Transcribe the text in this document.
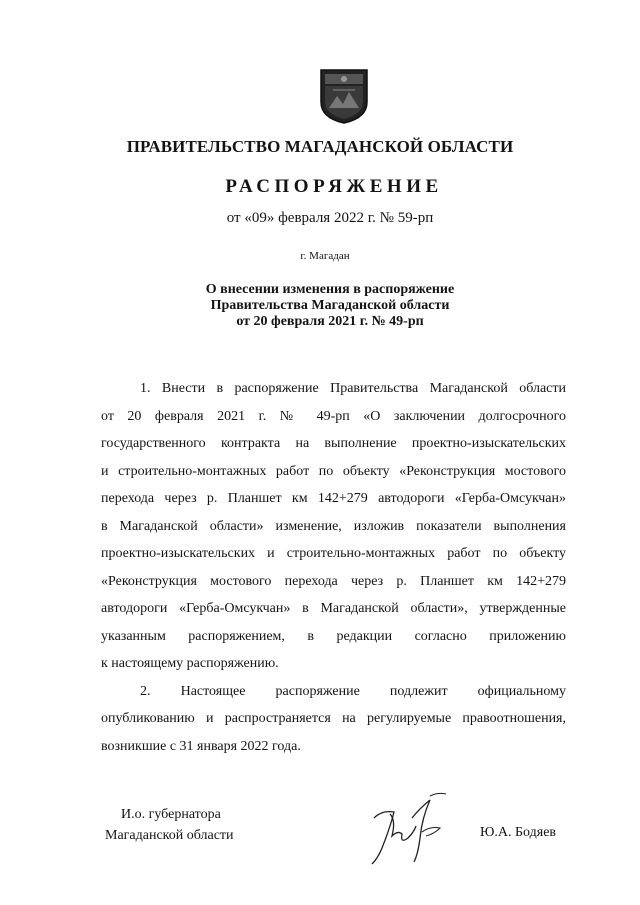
ПРАВИТЕЛЬСТВО МАГАДАНСКОЙ ОБЛАСТИ
РАСПОРЯЖЕНИЕ
от «09» февраля 2022 г. № 59-рп
г. Магадан
О внесении изменения в распоряжение
Правительства Магаданской области
от 20 февраля 2021 г. № 49-рп
1. Внести в распоряжение Правительства Магаданской области
от 20 февраля 2021 г. № 49-рп «О заключении долгосрочного
государственного контракта на выполнение проектно-изыскательских
и строительно-монтажных работ по объекту «Реконструкция мостового
перехода через р. Планшет км 142+279 автодороги «Герба-Омсукчан»
в Магаданской области» изменение, изложив показатели выполнения
проектно-изыскательских и строительно-монтажных работ по объекту
«Реконструкция мостового перехода через р. Планшет км 142+279
автодороги «Герба-Омсукчан» в Магаданской области», утвержденные
указанным распоряжением, в редакции согласно приложению
к настоящему распоряжению.
2. Настоящее распоряжение подлежит официальному
опубликованию и распространяется на регулируемые правоотношения,
возникшие с 31 января 2022 года.
И.о. губернатора
Магаданской области	Ю.А. Бодяев
